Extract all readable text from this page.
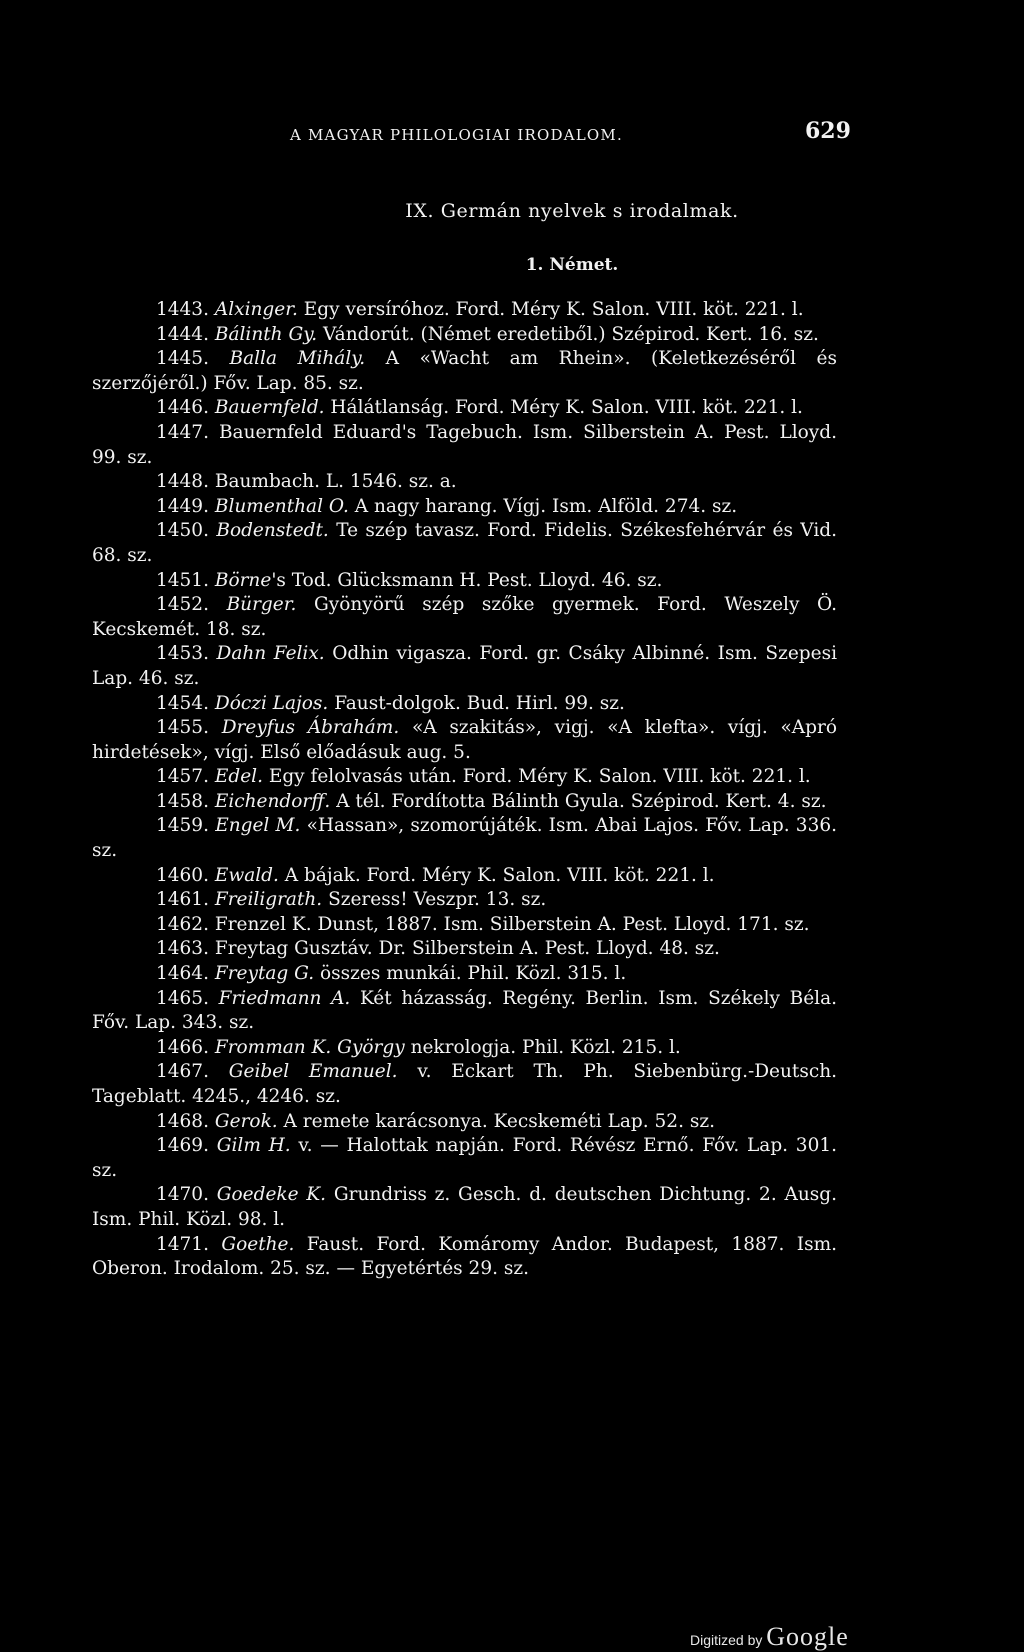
A MAGYAR PHILOLOGIAI IRODALOM.	629
IX. Germán nyelvek s irodalmak.
1. Német.

1443. Alxinger. Egy versíróhoz. Ford. Méry K. Salon. VIII. köt. 221. l.

1444. Bálinth Gy. Vándorút. (Német eredetiből.) Szépirod. Kert. 16. sz.

1445. Balla Mihály. A «Wacht am Rhein». (Keletkezéséről és szerzőjéről.) Főv. Lap. 85. sz.

1446. Bauernfeld. Hálátlanság. Ford. Méry K. Salon. VIII. köt. 221. l.

1447. Bauernfeld Eduard's Tagebuch. Ism. Silberstein A. Pest. Lloyd. 99. sz.

1448. Baumbach. L. 1546. sz. a.

1449. Blumenthal O. A nagy harang. Vígj. Ism. Alföld. 274. sz.

1450. Bodenstedt. Te szép tavasz. Ford. Fidelis. Székesfehérvár és Vid. 68. sz.

1451. Börne's Tod. Glücksmann H. Pest. Lloyd. 46. sz.

1452. Bürger. Gyönyörű szép szőke gyermek. Ford. Weszely Ö. Kecskemét. 18. sz.

1453. Dahn Felix. Odhin vigasza. Ford. gr. Csáky Albinné. Ism. Szepesi Lap. 46. sz.

1454. Dóczi Lajos. Faust-dolgok. Bud. Hirl. 99. sz.

1455. Dreyfus Ábrahám. «A szakitás», vigj. «A klefta». vígj. «Apró hirdetések», vígj. Első előadásuk aug. 5.

1457. Edel. Egy felolvasás után. Ford. Méry K. Salon. VIII. köt. 221. l.

1458. Eichendorff. A tél. Fordította Bálinth Gyula. Szépirod. Kert. 4. sz.

1459. Engel M. «Hassan», szomorújáték. Ism. Abai Lajos. Főv. Lap. 336. sz.

1460. Ewald. A bájak. Ford. Méry K. Salon. VIII. köt. 221. l.

1461. Freiligrath. Szeress! Veszpr. 13. sz.

1462. Frenzel K. Dunst, 1887. Ism. Silberstein A. Pest. Lloyd. 171. sz.

1463. Freytag Gusztáv. Dr. Silberstein A. Pest. Lloyd. 48. sz.

1464. Freytag G. összes munkái. Phil. Közl. 315. l.

1465. Friedmann A. Két házasság. Regény. Berlin. Ism. Székely Béla. Főv. Lap. 343. sz.

1466. Fromman K. György nekrologja. Phil. Közl. 215. l.

1467. Geibel Emanuel. v. Eckart Th. Ph. Siebenbürg.-Deutsch. Tageblatt. 4245., 4246. sz.

1468. Gerok. A remete karácsonya. Kecskeméti Lap. 52. sz.

1469. Gilm H. v. — Halottak napján. Ford. Révész Ernő. Főv. Lap. 301. sz.

1470. Goedeke K. Grundriss z. Gesch. d. deutschen Dichtung. 2. Ausg. Ism. Phil. Közl. 98. l.

1471. Goethe. Faust. Ford. Komáromy Andor. Budapest, 1887. Ism. Oberon. Irodalom. 25. sz. — Egyetértés 29. sz.

Digitized by Google
